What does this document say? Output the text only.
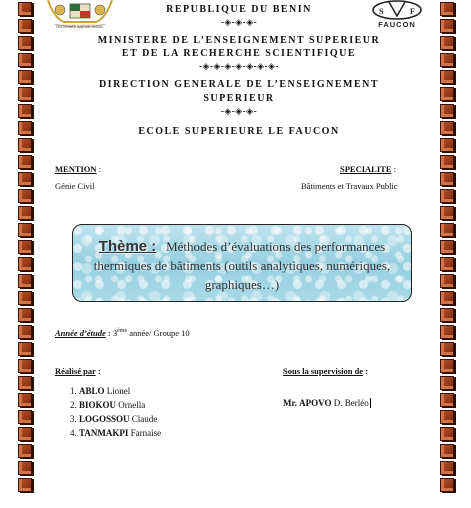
FRATERNITE JUSTICE TRAVAIL
S	F
FAUCON
REPUBLIQUE DU BENIN
-◈-◈-◈-
MINISTERE DE L’ENSEIGNEMENT SUPERIEUR
ET DE LA RECHERCHE SCIENTIFIQUE
-◈-◈-◈-◈-◈-◈-◈-
DIRECTION GENERALE DE L’ENSEIGNEMENT
SUPERIEUR
-◈-◈-◈-
ECOLE SUPERIEURE LE FAUCON
MENTION :
Génie Civil
SPECIALITE :
Bâtiments et Travaux Public
Thème : Méthodes d’évaluations des performances thermiques de bâtiments (outils analytiques, numériques, graphiques…)
Année d’étude : 3ème année/ Groupe 10
Réalisé par :
1. ABLO Lionel
2. BIOKOU Ornella
3. LOGOSSOU Claude
4. TANMAKPI Farnaise
Sous la supervision de :
Mr. APOVO D. Berléo
